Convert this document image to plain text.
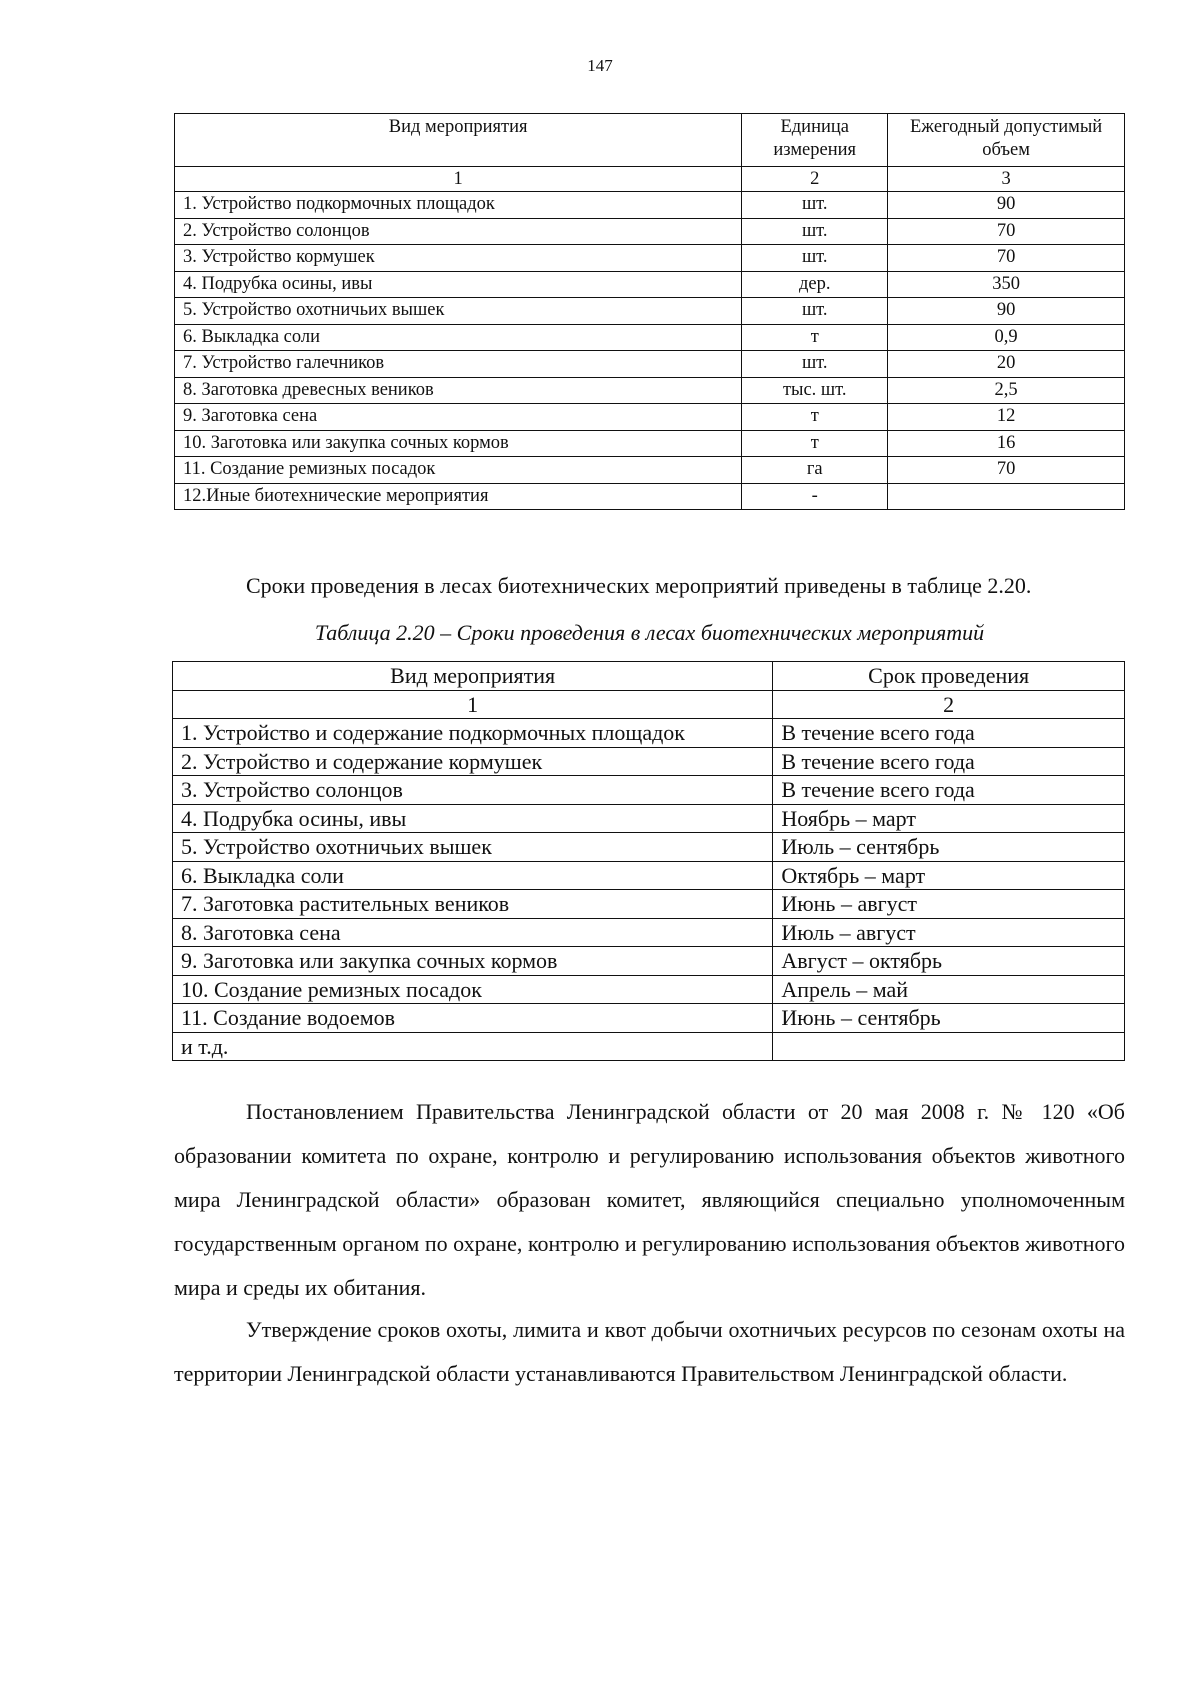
147
Вид мероприятия	Единица измерения	Ежегодный допустимый объем
1	2	3
1. Устройство подкормочных площадок	шт.	90
2. Устройство солонцов	шт.	70
3. Устройство кормушек	шт.	70
4. Подрубка осины, ивы	дер.	350
5. Устройство охотничьих вышек	шт.	90
6. Выкладка соли	т	0,9
7. Устройство галечников	шт.	20
8. Заготовка древесных веников	тыс. шт.	2,5
9. Заготовка сена	т	12
10. Заготовка или закупка сочных кормов	т	16
11. Создание ремизных посадок	га	70
12.Иные биотехнические мероприятия	-	
Сроки проведения в лесах биотехнических мероприятий приведены в таблице 2.20.
Таблица 2.20 – Сроки проведения в лесах биотехнических мероприятий
Вид мероприятия	Срок проведения
1	2
1. Устройство и содержание подкормочных площадок	В течение всего года
2. Устройство и содержание кормушек	В течение всего года
3. Устройство солонцов	В течение всего года
4. Подрубка осины, ивы	Ноябрь – март
5. Устройство охотничьих вышек	Июль – сентябрь
6. Выкладка соли	Октябрь – март
7. Заготовка растительных веников	Июнь – август
8. Заготовка сена	Июль – август
9. Заготовка или закупка сочных кормов	Август – октябрь
10. Создание ремизных посадок	Апрель – май
11. Создание водоемов	Июнь – сентябрь
и т.д.	
Постановлением Правительства Ленинградской области от 20 мая 2008 г. № 120 «Об образовании комитета по охране, контролю и регулированию использования объектов животного мира Ленинградской области» образован комитет, являющийся специально уполномоченным государственным органом по охране, контролю и регулированию использования объектов животного мира и среды их обитания.
Утверждение сроков охоты, лимита и квот добычи охотничьих ресурсов по сезонам охоты на территории Ленинградской области устанавливаются Правительством Ленинградской области.
